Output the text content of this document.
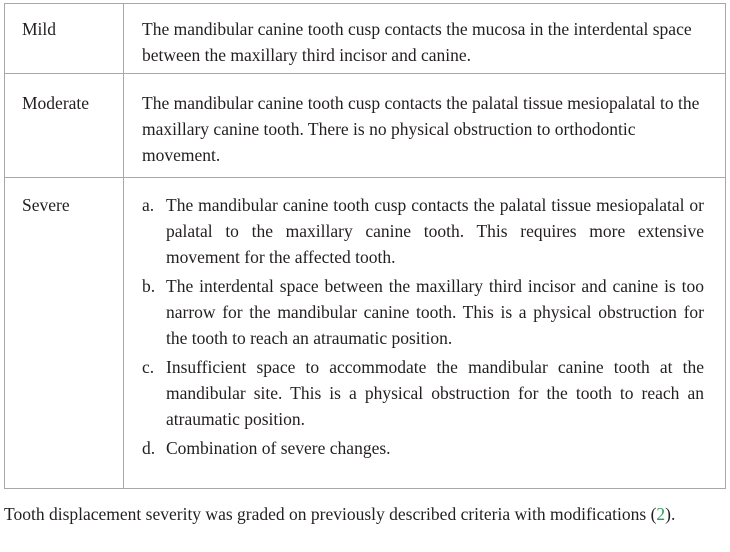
Mild	The mandibular canine tooth cusp contacts the mucosa in the interdental space between the maxillary third incisor and canine.
Moderate	The mandibular canine tooth cusp contacts the palatal tissue mesiopalatal to the maxillary canine tooth. There is no physical obstruction to orthodontic movement.
Severe	a. The mandibular canine tooth cusp contacts the palatal tissue mesiopalatal or palatal to the maxillary canine tooth. This requires more extensive movement for the affected tooth.
b. The interdental space between the maxillary third incisor and canine is too narrow for the mandibular canine tooth. This is a physical obstruction for the tooth to reach an atraumatic position.
c. Insufficient space to accommodate the mandibular canine tooth at the mandibular site. This is a physical obstruction for the tooth to reach an atraumatic position.
d. Combination of severe changes.
Tooth displacement severity was graded on previously described criteria with modifications (2).
